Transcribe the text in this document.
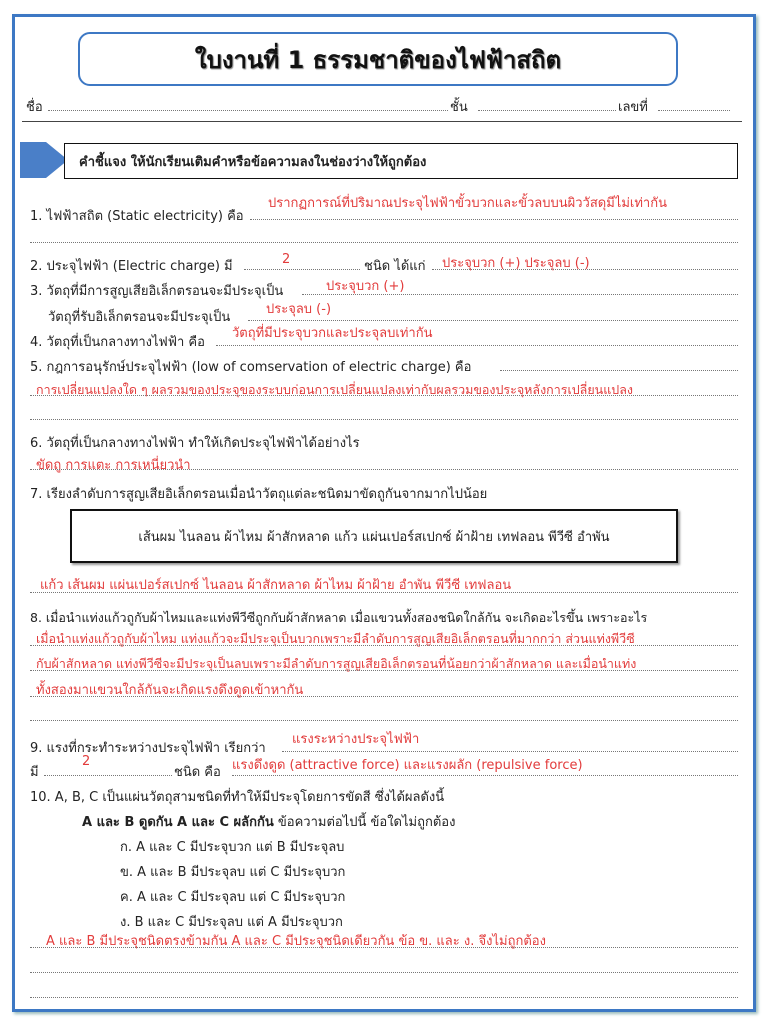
ใบงานที่ 1 ธรรมชาติของไฟฟ้าสถิต
ชื่อ	ชั้น	เลขที่
คำชี้แจง ให้นักเรียนเติมคำหรือข้อความลงในช่องว่างให้ถูกต้อง
ปรากฏการณ์ที่ปริมาณประจุไฟฟ้าขั้วบวกและขั้วลบบนผิววัสดุมีไม่เท่ากัน
1. ไฟฟ้าสถิต (Static electricity) คือ
2. ประจุไฟฟ้า (Electric charge) มี	2	ชนิด ได้แก่ ประจุบวก (+) ประจุลบ (-)
ประจุบวก (+)
3. วัตถุที่มีการสูญเสียอิเล็กตรอนจะมีประจุเป็น
ประจุลบ (-)
วัตถุที่รับอิเล็กตรอนจะมีประจุเป็น
วัตถุที่มีประจุบวกและประจุลบเท่ากัน
4. วัตถุที่เป็นกลางทางไฟฟ้า คือ
5. กฎการอนุรักษ์ประจุไฟฟ้า (low of comservation of electric charge) คือ
การเปลี่ยนแปลงใด ๆ ผลรวมของประจุของระบบก่อนการเปลี่ยนแปลงเท่ากับผลรวมของประจุหลังการเปลี่ยนแปลง
6. วัตถุที่เป็นกลางทางไฟฟ้า ทำให้เกิดประจุไฟฟ้าได้อย่างไร
ขัดถู การแตะ การเหนี่ยวนำ
7. เรียงลำดับการสูญเสียอิเล็กตรอนเมื่อนำวัตถุแต่ละชนิดมาขัดถูกันจากมากไปน้อย
เส้นผม ไนลอน ผ้าไหม ผ้าสักหลาด แก้ว แผ่นเปอร์สเปกซ์ ผ้าฝ้าย เทฟลอน พีวีซี อำพัน
แก้ว เส้นผม แผ่นเปอร์สเปกซ์ ไนลอน ผ้าสักหลาด ผ้าไหม ผ้าฝ้าย อำพัน พีวีซี เทฟลอน
8. เมื่อนำแท่งแก้วถูกับผ้าไหมและแท่งพีวีซีถูกกับผ้าสักหลาด เมื่อแขวนทั้งสองชนิดใกล้กัน จะเกิดอะไรขึ้น เพราะอะไร
เมื่อนำแท่งแก้วถูกับผ้าไหม แท่งแก้วจะมีประจุเป็นบวกเพราะมีลำดับการสูญเสียอิเล็กตรอนที่มากกว่า ส่วนแท่งพีวีซี
กับผ้าสักหลาด แท่งพีวีซีจะมีประจุเป็นลบเพราะมีลำดับการสูญเสียอิเล็กตรอนที่น้อยกว่าผ้าสักหลาด และเมื่อนำแท่ง
ทั้งสองมาแขวนใกล้กันจะเกิดแรงดึงดูดเข้าหากัน
แรงระหว่างประจุไฟฟ้า
9. แรงที่กระทำระหว่างประจุไฟฟ้า เรียกว่า
มี
2
ชนิด คือ แรงดึงดูด (attractive force) และแรงผลัก (repulsive force)
10. A, B, C เป็นแผ่นวัตถุสามชนิดที่ทำให้มีประจุโดยการขัดสี ซึ่งได้ผลดังนี้
A และ B ดูดกัน A และ C ผลักกัน ข้อความต่อไปนี้ ข้อใดไม่ถูกต้อง
ก. A และ C มีประจุบวก แต่ B มีประจุลบ
ข. A และ B มีประจุลบ แต่ C มีประจุบวก
ค. A และ C มีประจุลบ แต่ C มีประจุบวก
ง. B และ C มีประจุลบ แต่ A มีประจุบวก
A และ B มีประจุชนิดตรงข้ามกัน A และ C มีประจุชนิดเดียวกัน ข้อ ข. และ ง. จึงไม่ถูกต้อง
